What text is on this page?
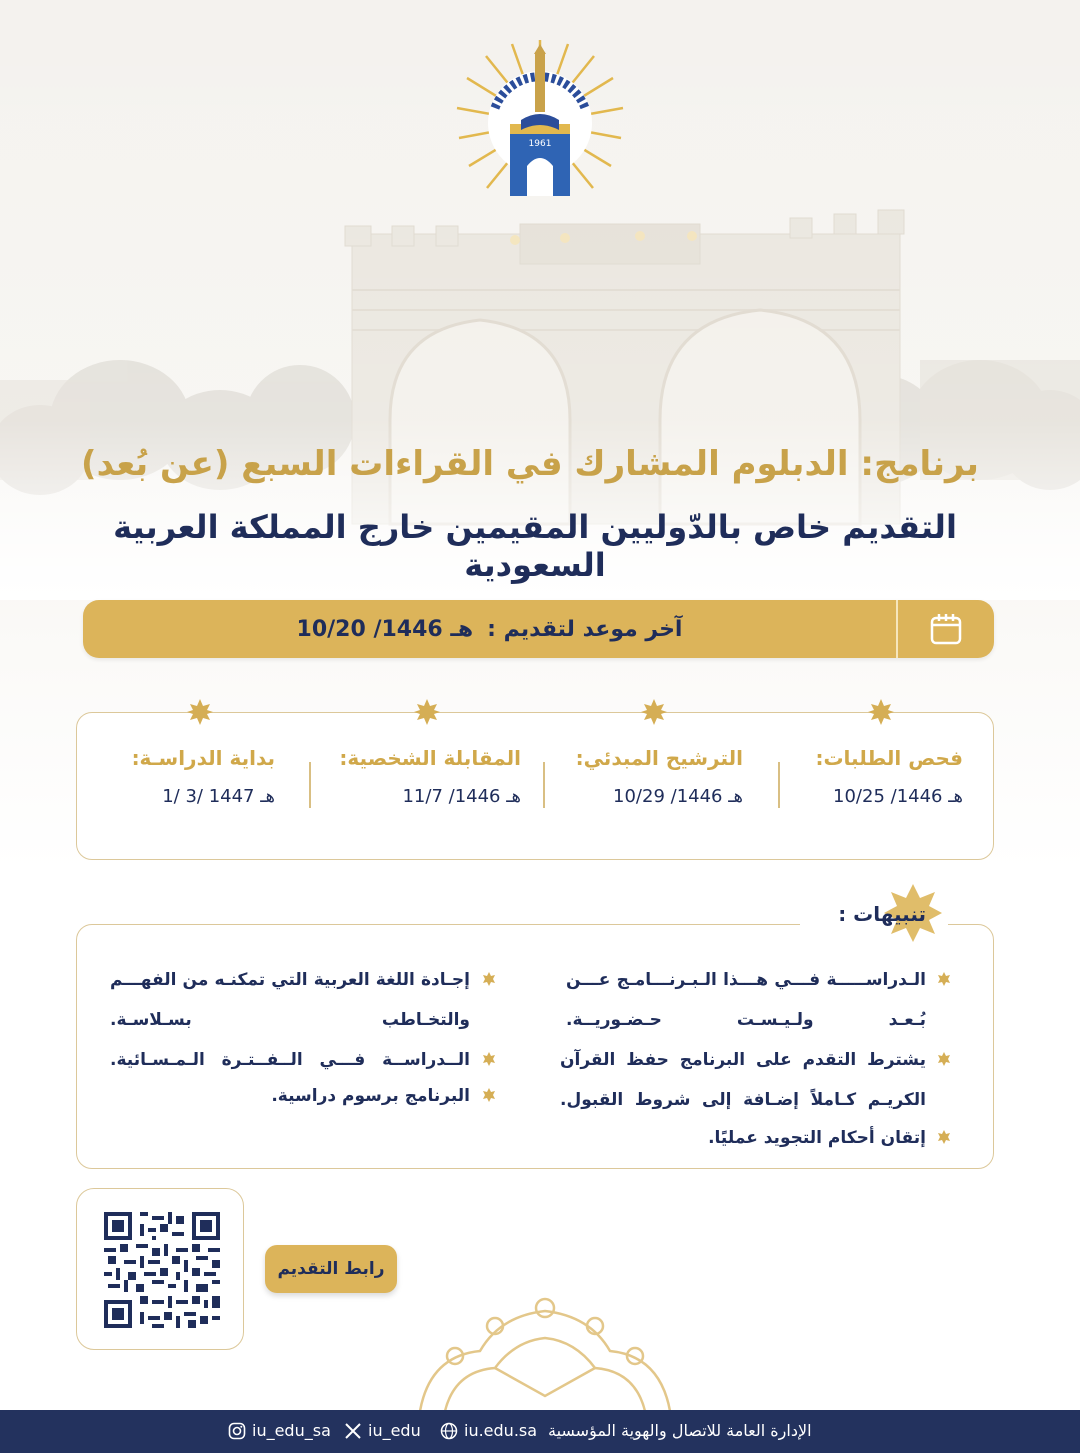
1961
برنامج: الدبلوم المشارك في القراءات السبع (عن بُعد)
التقديم خاص بالدّوليين المقيمين خارج المملكة العربية السعودية
آخر موعد لتقديم :
10/20 /1446 هـ
فحص الطلبات:
10/25 /1446 هـ
الترشيح المبدئي:
10/29 /1446 هـ
المقابلة الشخصية:
11/7 /1446 هـ
بداية الدراسـة:
1/ 3/ 1447 هـ
تنبيهات :
الـدراســـــة فـــي هـــذا الـبـرنـــامـج عـــن بُـعـد ولـيـسـت حـضـوريــة.
يشترط التقدم على البرنامج حفظ القرآن الكريـم كـاملاً إضـافة إلى شروط القبول.
إتقان أحكام التجويد عمليًا.
إجـادة اللغة العربية التي تمكنـه من الفهـــم والتخـاطب بسـلاسـة.
الــدراســة فـــي الــفــتـرة الـمـسـائية.
البرنامج برسوم دراسية.
رابط التقديم
الإدارة العامة للاتصال والهوية المؤسسية
iu.edu.sa
iu_edu
iu_edu_sa
